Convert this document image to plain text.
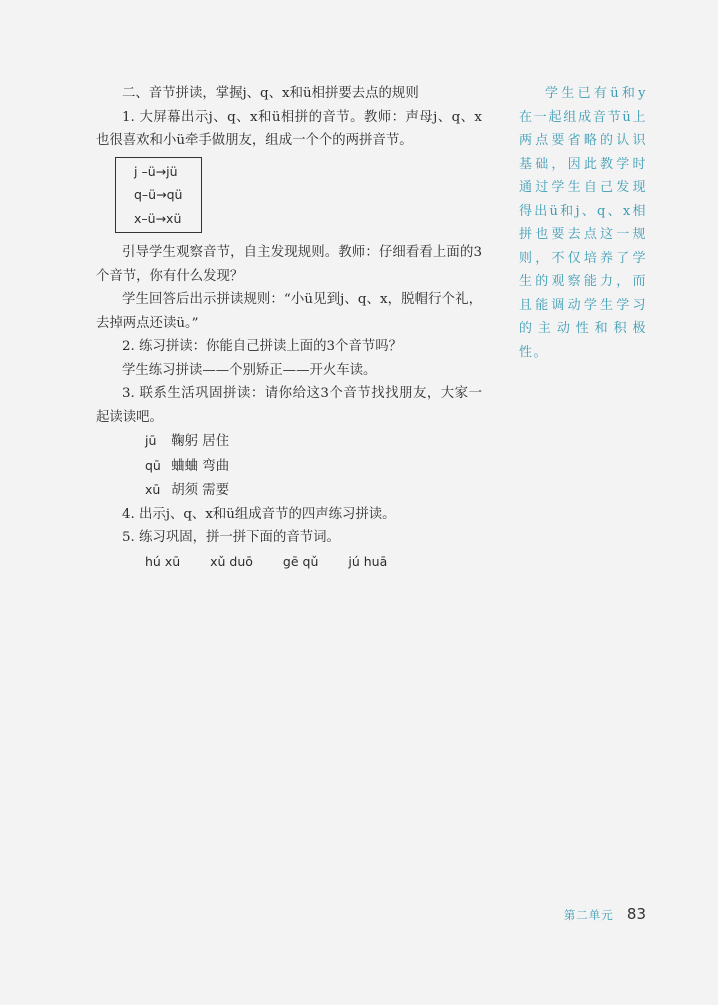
二、音节拼读，掌握j、q、x和ü相拼要去点的规则

1. 大屏幕出示j、q、x和ü相拼的音节。教师：声母j、q、x也很喜欢和小ü牵手做朋友，组成一个个的两拼音节。

j –ü→jü
q–ü→qü
x–ü→xü

引导学生观察音节，自主发现规则。教师：仔细看看上面的3个音节，你有什么发现？

学生回答后出示拼读规则：“小ü见到j、q、x，脱帽行个礼，去掉两点还读ü。”

2. 练习拼读：你能自己拼读上面的3个音节吗？

学生练习拼读——个别矫正——开火车读。

3. 联系生活巩固拼读：请你给这3个音节找找朋友，大家一起读读吧。

jū 鞠躬 居住
qū 蛐蛐 弯曲
xū 胡须 需要

4. 出示j、q、x和ü组成音节的四声练习拼读。

5. 练习巩固，拼一拼下面的音节词。

hú xū xǔ duō gē qǔ jú huā

学生已有ü和y在一起组成音节ü上两点要省略的认识基础，因此教学时通过学生自己发现得出ü和j、q、x相拼也要去点这一规则，不仅培养了学生的观察能力，而且能调动学生学习的主动性和积极性。

第二单元 83
